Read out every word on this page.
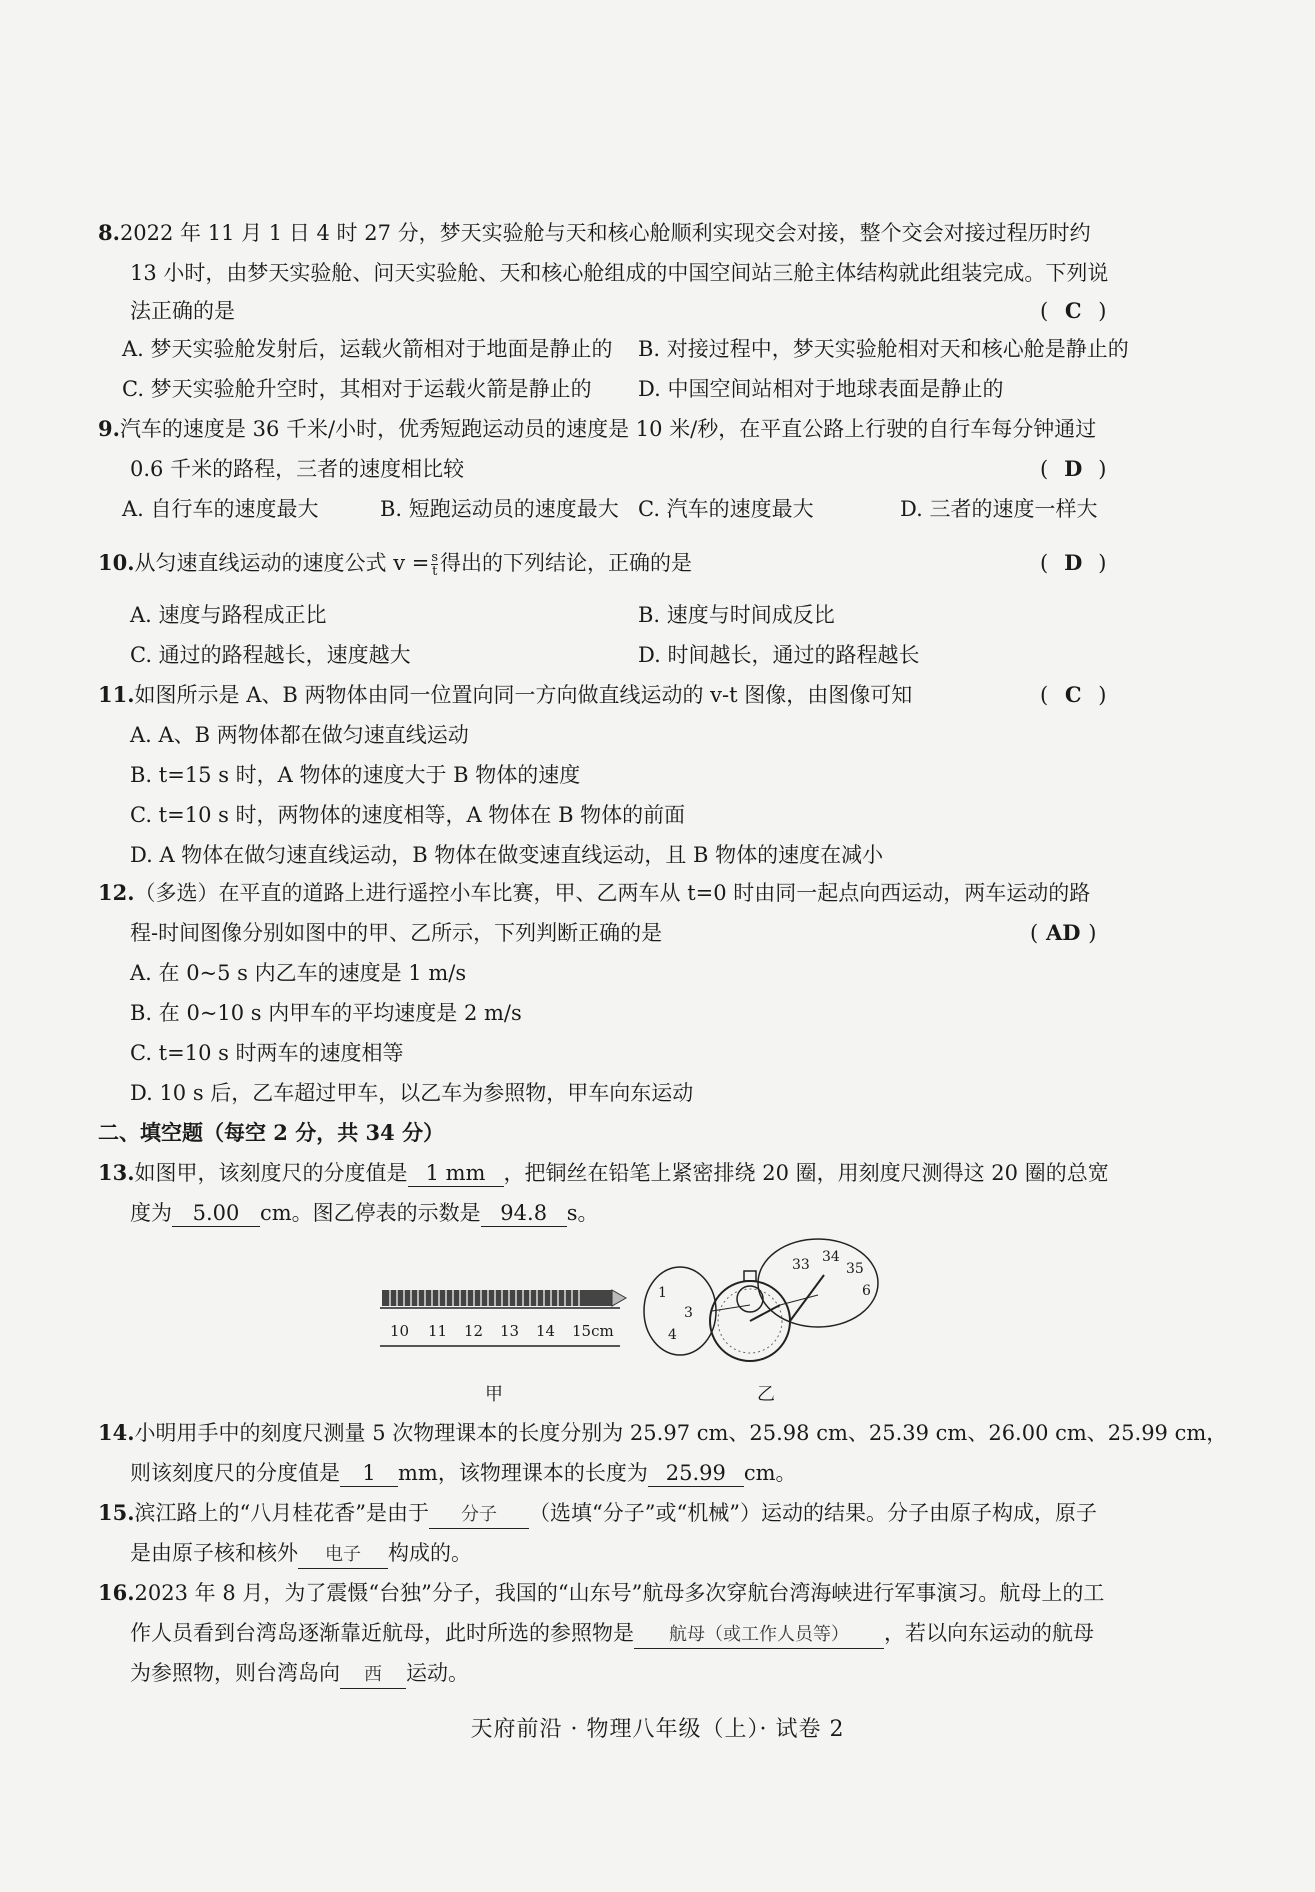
8.2022 年 11 月 1 日 4 时 27 分，梦天实验舱与天和核心舱顺利实现交会对接，整个交会对接过程历时约
13 小时，由梦天实验舱、问天实验舱、天和核心舱组成的中国空间站三舱主体结构就此组装完成。下列说
法正确的是	( C )
A. 梦天实验舱发射后，运载火箭相对于地面是静止的 B. 对接过程中，梦天实验舱相对天和核心舱是静止的
C. 梦天实验舱升空时，其相对于运载火箭是静止的 D. 中国空间站相对于地球表面是静止的
9.汽车的速度是 36 千米/小时，优秀短跑运动员的速度是 10 米/秒，在平直公路上行驶的自行车每分钟通过
0.6 千米的路程，三者的速度相比较	( D )
A. 自行车的速度最大	B. 短跑运动员的速度最大 C. 汽车的速度最大	D. 三者的速度一样大
10.从匀速直线运动的速度公式 $v = \frac{s}{t}$ 得出的下列结论，正确的是	( D )
A. 速度与路程成正比	B. 速度与时间成反比
C. 通过的路程越长，速度越大	D. 时间越长，通过的路程越长
11.如图所示是 A、B 两物体由同一位置向同一方向做直线运动的 v-t 图像，由图像可知	( C )
A. A、B 两物体都在做匀速直线运动
B. t=15 s 时，A 物体的速度大于 B 物体的速度
C. t=10 s 时，两物体的速度相等，A 物体在 B 物体的前面
D. A 物体在做匀速直线运动，B 物体在做变速直线运动，且 B 物体的速度在减小
12.（多选）在平直的道路上进行遥控小车比赛，甲、乙两车从 t=0 时由同一起点向西运动，两车运动的路
程-时间图像分别如图中的甲、乙所示，下列判断正确的是	( AD )
A. 在 0~5 s 内乙车的速度是 1 m/s
B. 在 0~10 s 内甲车的平均速度是 2 m/s
C. t=10 s 时两车的速度相等
D. 10 s 后，乙车超过甲车，以乙车为参照物，甲车向东运动
二、填空题（每空 2 分，共 34 分）
13.如图甲，该刻度尺的分度值是 1 mm ，把铜丝在铅笔上紧密排绕 20 圈，用刻度尺测得这 20 圈的总宽
度为 5.00 cm。图乙停表的示数是 94.8 s。
10 11 12 13 14 15cm
1
3
4
33 34
35
6
甲	乙
14.小明用手中的刻度尺测量 5 次物理课本的长度分别为 25.97 cm、25.98 cm、25.39 cm、26.00 cm、25.99 cm，
则该刻度尺的分度值是 1 mm，该物理课本的长度为 25.99 cm。
15.滨江路上的“八月桂花香”是由于 分子 （选填“分子”或“机械”）运动的结果。分子由原子构成，原子
是由原子核和核外 电子 构成的。
16.2023 年 8 月，为了震慑“台独”分子，我国的“山东号”航母多次穿航台湾海峡进行军事演习。航母上的工
作人员看到台湾岛逐渐靠近航母，此时所选的参照物是 航母（或工作人员等） ，若以向东运动的航母
为参照物，则台湾岛向 西 运动。
天府前沿 · 物理八年级（上）· 试卷 2
